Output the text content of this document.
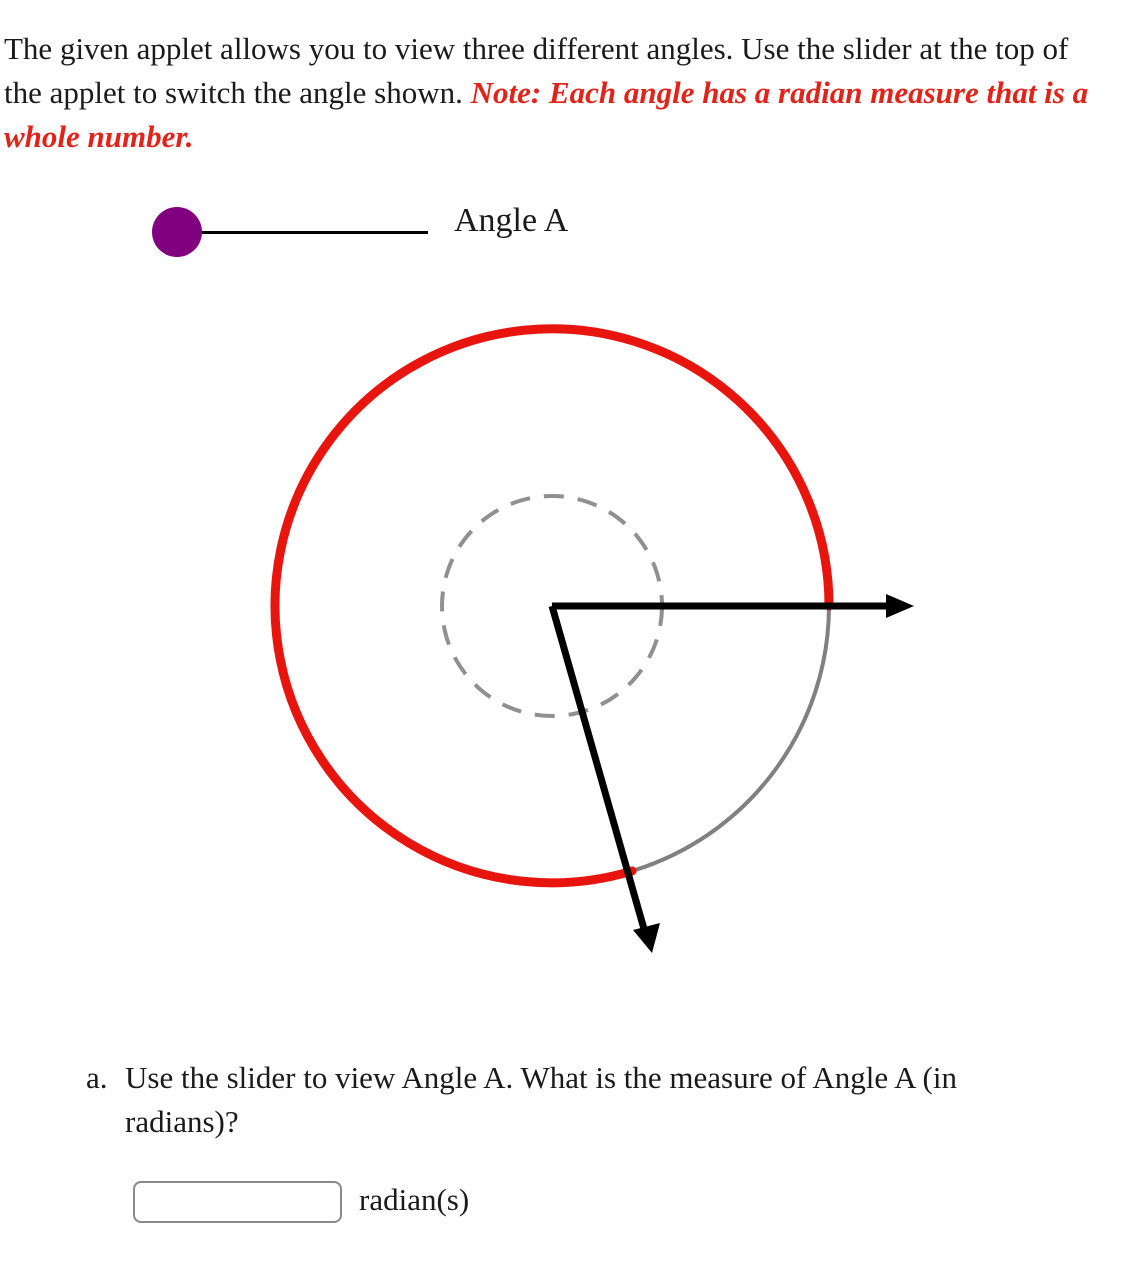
The given applet allows you to view three different angles. Use the slider at the top of the applet to switch the angle shown. Note: Each angle has a radian measure that is a whole number.

Angle A
a. Use the slider to view Angle A. What is the measure of Angle A (in radians)?
radian(s)
